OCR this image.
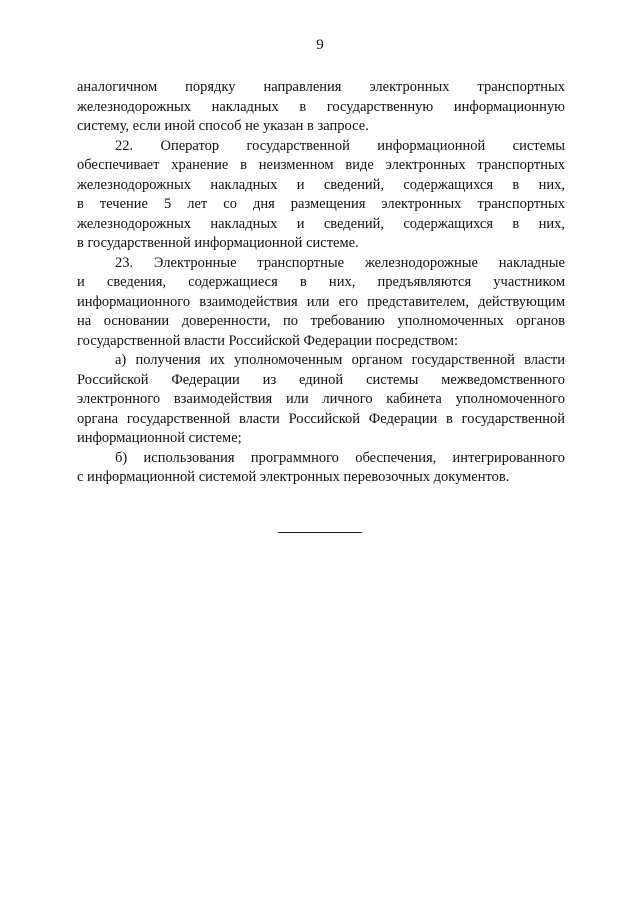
9
аналогичном порядку направления электронных транспортных
железнодорожных накладных в государственную информационную
систему, если иной способ не указан в запросе.
22. Оператор государственной информационной системы
обеспечивает хранение в неизменном виде электронных транспортных
железнодорожных накладных и сведений, содержащихся в них,
в течение 5 лет со дня размещения электронных транспортных
железнодорожных накладных и сведений, содержащихся в них,
в государственной информационной системе.
23. Электронные транспортные железнодорожные накладные
и сведения, содержащиеся в них, предъявляются участником
информационного взаимодействия или его представителем, действующим
на основании доверенности, по требованию уполномоченных органов
государственной власти Российской Федерации посредством:
а) получения их уполномоченным органом государственной власти
Российской Федерации из единой системы межведомственного
электронного взаимодействия или личного кабинета уполномоченного
органа государственной власти Российской Федерации в государственной
информационной системе;
б) использования программного обеспечения, интегрированного
с информационной системой электронных перевозочных документов.
